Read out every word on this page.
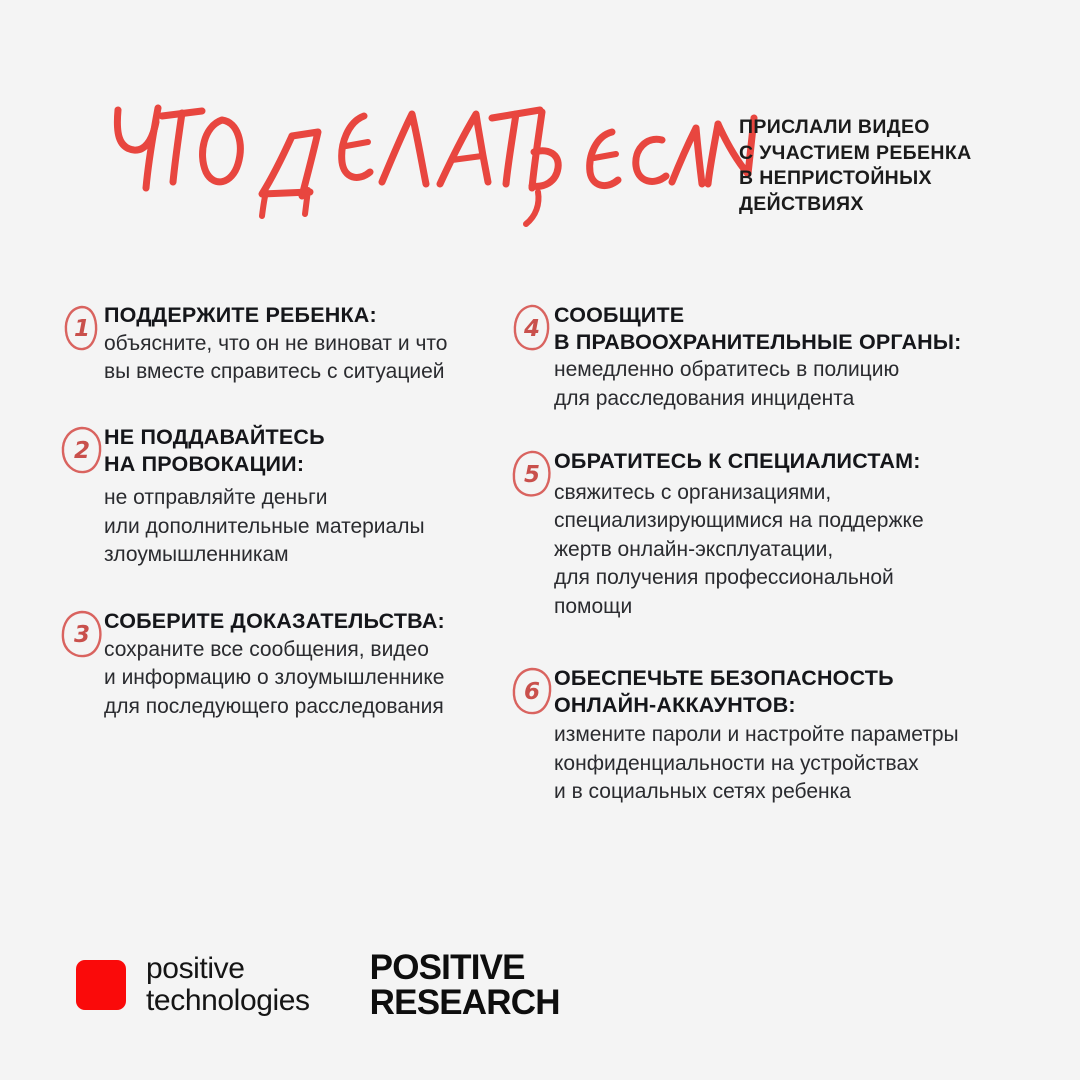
ПРИСЛАЛИ ВИДЕО
С УЧАСТИЕМ РЕБЕНКА
В НЕПРИСТОЙНЫХ
ДЕЙСТВИЯХ
1
ПОДДЕРЖИТЕ РЕБЕНКА:
объясните, что он не виноват и что
вы вместе справитесь с ситуацией
2
НЕ ПОДДАВАЙТЕСЬ
НА ПРОВОКАЦИИ:
не отправляйте деньги
или дополнительные материалы
злоумышленникам
3
СОБЕРИТЕ ДОКАЗАТЕЛЬСТВА:
сохраните все сообщения, видео
и информацию о злоумышленнике
для последующего расследования
4
СООБЩИТЕ
В ПРАВООХРАНИТЕЛЬНЫЕ ОРГАНЫ:
немедленно обратитесь в полицию
для расследования инцидента
5
ОБРАТИТЕСЬ К СПЕЦИАЛИСТАМ:
свяжитесь с организациями,
специализирующимися на поддержке
жертв онлайн-эксплуатации,
для получения профессиональной
помощи
6
ОБЕСПЕЧЬТЕ БЕЗОПАСНОСТЬ
ОНЛАЙН-АККАУНТОВ:
измените пароли и настройте параметры
конфиденциальности на устройствах
и в социальных сетях ребенка
positive
technologies
POSITIVE
RESEARCH
